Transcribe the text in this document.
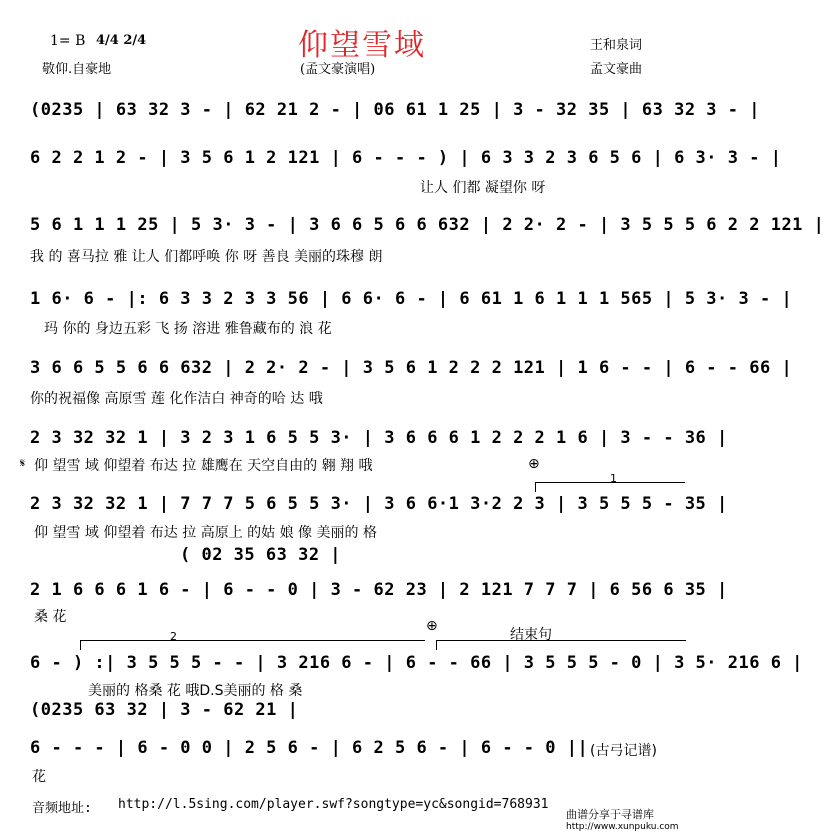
1= B 4/4 2/4	仰望雪域
(孟文豪演唱)
敬仰.自豪地
王和泉词
孟文豪曲
(0235 | 63 32 3 - | 62 21 2 - | 06 61 1 25 | 3 - 32 35 | 63 32 3 - |
6 2 2 1 2 - | 3 5 6 1 2 121 | 6 - - - ) | 6 3 3 2 3 6 5 6 | 6 3· 3 - |
让人 们都 凝望你 呀
5 6 1 1 1 25 | 5 3· 3 - | 3 6 6 5 6 6 632 | 2 2· 2 - | 3 5 5 5 6 2 2 121 |
我 的 喜马拉 雅 让人 们都呼唤 你 呀 善良 美丽的珠穆 朗
1 6· 6 - |: 6 3 3 2 3 3 56 | 6 6· 6 - | 6 61 1 6 1 1 1 565 | 5 3· 3 - |
玛 你的 身边五彩 飞 扬 溶进 雅鲁藏布的 浪 花
3 6 6 5 5 6 6 632 | 2 2· 2 - | 3 5 6 1 2 2 2 121 | 1 6 - - | 6 - - 66 |
你的祝福像 高原雪 莲 化作洁白 神奇的哈 达 哦
2 3 32 32 1 | 3 2 3 1 6 5 5 3· | 3 6 6 6 1 2 2 2 1 6 | 3 - - 36 |
𝄋 仰 望雪 域 仰望着 布达 拉 雄鹰在 天空自由的 翱 翔 哦	⊕
1
2 3 32 32 1 | 7 7 7 5 6 5 5 3· | 3 6 6·1 3·2 2 3 | 3 5 5 5 - 35 |
仰 望雪 域 仰望着 布达 拉 高原上 的姑 娘 像 美丽的 格
( 02 35 63 32 |
2 1 6 6 6 1 6 - | 6 - - 0 | 3 - 62 23 | 2 121 7 7 7 | 6 56 6 35 |
桑 花
2
⊕
结束句
6 - ) :| 3 5 5 5 - - | 3 216 6 - | 6 - - 66 | 3 5 5 5 - 0 | 3 5· 216 6 |
美丽的 格桑 花 哦D.S美丽的 格 桑
(0235 63 32 | 3 - 62 21 |
6 - - - | 6 - 0 0 | 2 5 6 - | 6 2 5 6 - | 6 - - 0 || (古弓记谱)
花
音频地址: http://l.5sing.com/player.swf?songtype=yc&songid=768931
曲谱分享于寻谱库
http://www.xunpuku.com
